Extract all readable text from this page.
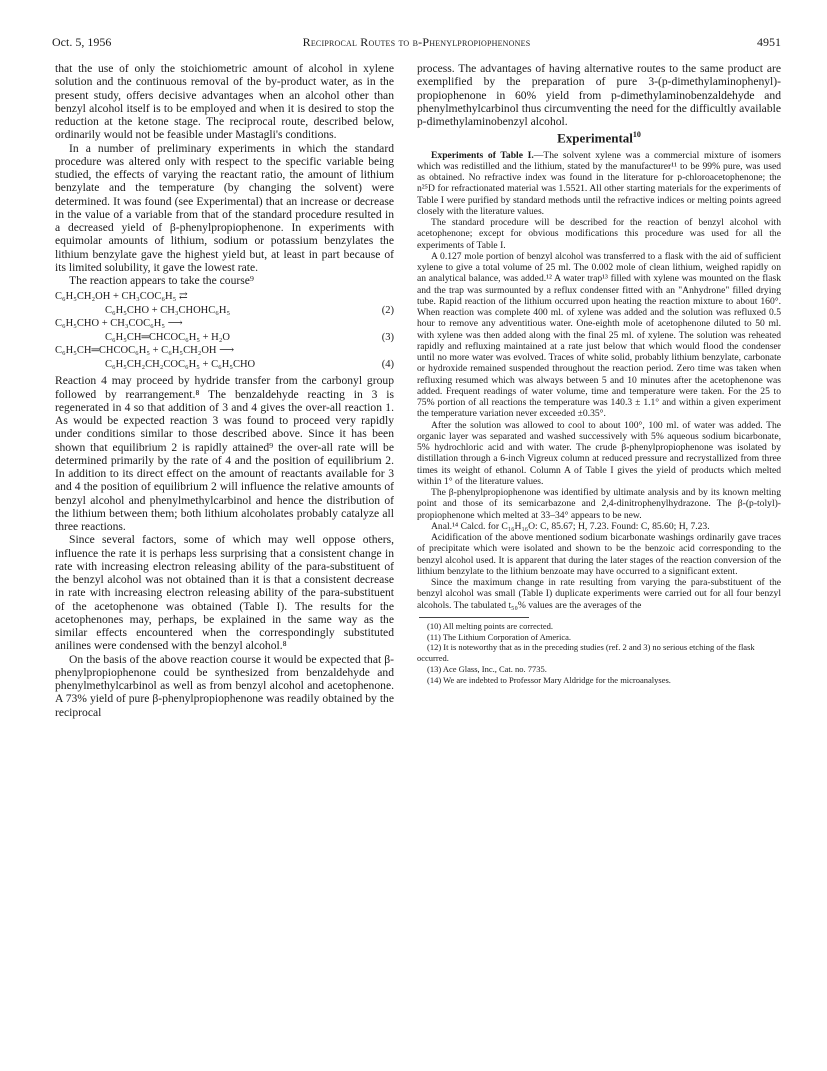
Oct. 5, 1956	Reciprocal Routes to β-Phenylpropiophenones	4951

that the use of only the stoichiometric amount of alcohol in xylene solution and the continuous removal of the by-product water, as in the present study, offers decisive advantages when an alcohol other than benzyl alcohol itself is to be employed and when it is desired to stop the reduction at the ketone stage. The reciprocal route, described below, ordinarily would not be feasible under Mastagli's conditions.

In a number of preliminary experiments in which the standard procedure was altered only with respect to the specific variable being studied, the effects of varying the reactant ratio, the amount of lithium benzylate and the temperature (by changing the solvent) were determined. It was found (see Experimental) that an increase or decrease in the value of a variable from that of the standard procedure resulted in a decreased yield of β-phenylpropiophenone. In experiments with equimolar amounts of lithium, sodium or potassium benzylates the lithium benzylate gave the highest yield but, at least in part because of its limited solubility, it gave the lowest rate.

The reaction appears to take the course⁹

C₆H₅CH₂OH + CH₃COC₆H₅ ⇄
C₆H₅CHO + CH₃CHOHC₆H₅	(2)
C₆H₅CHO + CH₃COC₆H₅ ⟶
C₆H₅CH═CHCOC₆H₅ + H₂O	(3)
C₆H₅CH═CHCOC₆H₅ + C₆H₅CH₂OH ⟶
C₆H₅CH₂CH₂COC₆H₅ + C₆H₅CHO	(4)

Reaction 4 may proceed by hydride transfer from the carbonyl group followed by rearrangement.⁸ The benzaldehyde reacting in 3 is regenerated in 4 so that addition of 3 and 4 gives the over-all reaction 1. As would be expected reaction 3 was found to proceed very rapidly under conditions similar to those described above. Since it has been shown that equilibrium 2 is rapidly attained⁹ the over-all rate will be determined primarily by the rate of 4 and the position of equilibrium 2. In addition to its direct effect on the amount of reactants available for 3 and 4 the position of equilibrium 2 will influence the relative amounts of benzyl alcohol and phenylmethylcarbinol and hence the distribution of the lithium between them; both lithium alcoholates probably catalyze all three reactions.

Since several factors, some of which may well oppose others, influence the rate it is perhaps less surprising that a consistent change in rate with increasing electron releasing ability of the para-substituent of the benzyl alcohol was not obtained than it is that a consistent decrease in rate with increasing electron releasing ability of the para-substituent of the acetophenone was obtained (Table I). The results for the acetophenones may, perhaps, be explained in the same way as the similar effects encountered when the correspondingly substituted anilines were condensed with the benzyl alcohol.⁸

On the basis of the above reaction course it would be expected that β-phenylpropiophenone could be synthesized from benzaldehyde and phenylmethylcarbinol as well as from benzyl alcohol and acetophenone. A 73% yield of pure β-phenylpropiophenone was readily obtained by the reciprocal

process. The advantages of having alternative routes to the same product are exemplified by the preparation of pure 3-(p-dimethylaminophenyl)-propiophenone in 60% yield from p-dimethylaminobenzaldehyde and phenylmethylcarbinol thus circumventing the need for the difficultly available p-dimethylaminobenzyl alcohol.

Experimental$^{10}$

Experiments of Table I.—The solvent xylene was a commercial mixture of isomers which was redistilled and the lithium, stated by the manufacturer¹¹ to be 99% pure, was used as obtained. No refractive index was found in the literature for p-chloroacetophenone; the n²⁵D for refractionated material was 1.5521. All other starting materials for the experiments of Table I were purified by standard methods until the refractive indices or melting points agreed closely with the literature values.

The standard procedure will be described for the reaction of benzyl alcohol with acetophenone; except for obvious modifications this procedure was used for all the experiments of Table I.

A 0.127 mole portion of benzyl alcohol was transferred to a flask with the aid of sufficient xylene to give a total volume of 25 ml. The 0.002 mole of clean lithium, weighed rapidly on an analytical balance, was added.¹² A water trap¹³ filled with xylene was mounted on the flask and the trap was surmounted by a reflux condenser fitted with an "Anhydrone" filled drying tube. Rapid reaction of the lithium occurred upon heating the reaction mixture to about 160°. When reaction was complete 400 ml. of xylene was added and the solution was refluxed 0.5 hour to remove any adventitious water. One-eighth mole of acetophenone diluted to 50 ml. with xylene was then added along with the final 25 ml. of xylene. The solution was reheated rapidly and refluxing maintained at a rate just below that which would flood the condenser until no more water was evolved. Traces of white solid, probably lithium benzylate, carbonate or hydroxide remained suspended throughout the reaction period. Zero time was taken when refluxing resumed which was always between 5 and 10 minutes after the acetophenone was added. Frequent readings of water volume, time and temperature were taken. For the 25 to 75% portion of all reactions the temperature was 140.3 ± 1.1° and within a given experiment the temperature variation never exceeded ±0.35°.

After the solution was allowed to cool to about 100°, 100 ml. of water was added. The organic layer was separated and washed successively with 5% aqueous sodium bicarbonate, 5% hydrochloric acid and with water. The crude β-phenylpropiophenone was isolated by distillation through a 6-inch Vigreux column at reduced pressure and recrystallized from three times its weight of ethanol. Column A of Table I gives the yield of products which melted within 1° of the literature values.

The β-phenylpropiophenone was identified by ultimate analysis and by its known melting point and those of its semicarbazone and 2,4-dinitrophenylhydrazone. The β-(p-tolyl)-propiophenone which melted at 33–34° appears to be new.

Anal.¹⁴ Calcd. for C₁₆H₁₆O: C, 85.67; H, 7.23. Found: C, 85.60; H, 7.23.

Acidification of the above mentioned sodium bicarbonate washings ordinarily gave traces of precipitate which were isolated and shown to be the benzoic acid corresponding to the benzyl alcohol used. It is apparent that during the later stages of the reaction conversion of the lithium benzylate to the lithium benzoate may have occurred to a significant extent.

Since the maximum change in rate resulting from varying the para-substituent of the benzyl alcohol was small (Table I) duplicate experiments were carried out for all four benzyl alcohols. The tabulated t₅₀% values are the averages of the

(10) All melting points are corrected.

(11) The Lithium Corporation of America.

(12) It is noteworthy that as in the preceding studies (ref. 2 and 3) no serious etching of the flask occurred.

(13) Ace Glass, Inc., Cat. no. 7735.

(14) We are indebted to Professor Mary Aldridge for the microanalyses.
